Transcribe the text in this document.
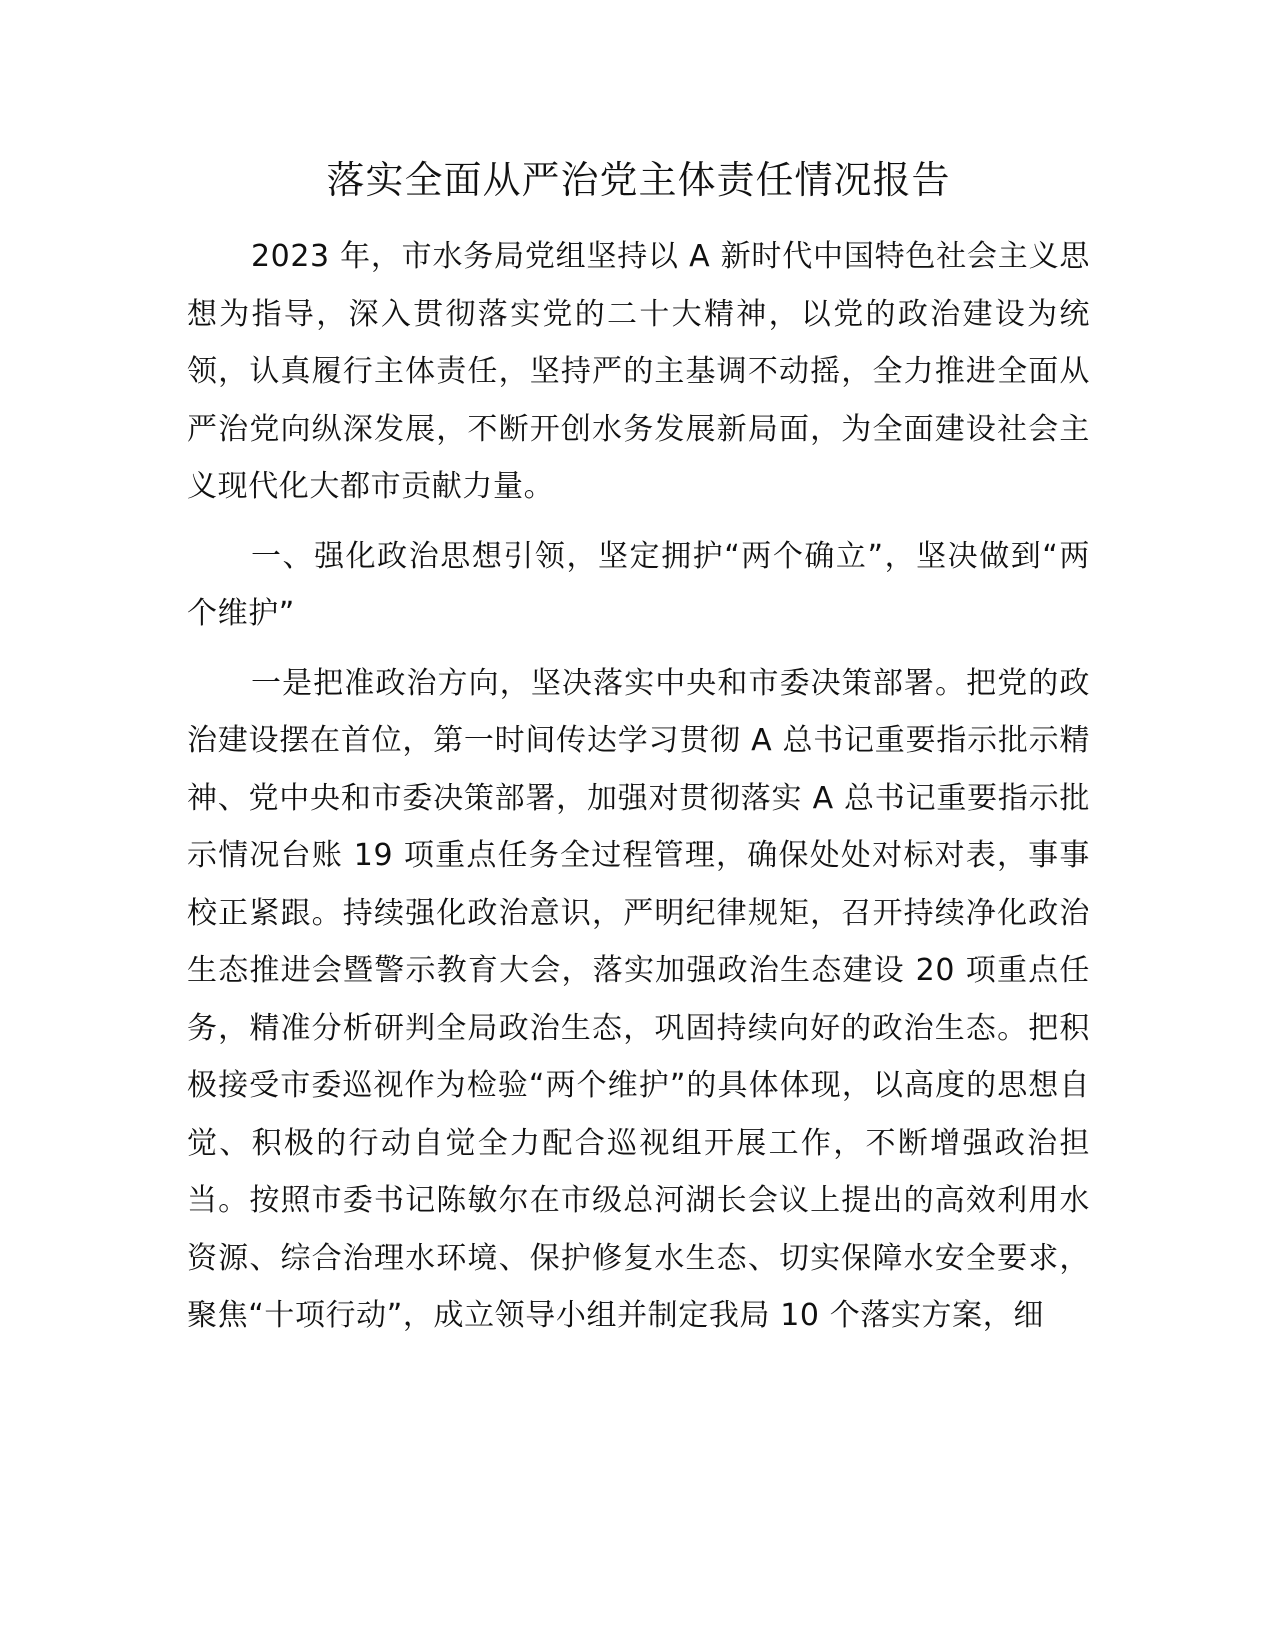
落实全面从严治党主体责任情况报告

2023 年，市水务局党组坚持以 A 新时代中国特色社会主义思想为指导，深入贯彻落实党的二十大精神，以党的政治建设为统领，认真履行主体责任，坚持严的主基调不动摇，全力推进全面从严治党向纵深发展，不断开创水务发展新局面，为全面建设社会主义现代化大都市贡献力量。

一、强化政治思想引领，坚定拥护“两个确立”，坚决做到“两个维护”

一是把准政治方向，坚决落实中央和市委决策部署。把党的政治建设摆在首位，第一时间传达学习贯彻 A 总书记重要指示批示精神、党中央和市委决策部署，加强对贯彻落实 A 总书记重要指示批示情况台账 19 项重点任务全过程管理，确保处处对标对表，事事校正紧跟。持续强化政治意识，严明纪律规矩，召开持续净化政治生态推进会暨警示教育大会，落实加强政治生态建设 20 项重点任务，精准分析研判全局政治生态，巩固持续向好的政治生态。把积极接受市委巡视作为检验“两个维护”的具体体现，以高度的思想自觉、积极的行动自觉全力配合巡视组开展工作，不断增强政治担当。按照市委书记陈敏尔在市级总河湖长会议上提出的高效利用水资源、综合治理水环境、保护修复水生态、切实保障水安全要求，聚焦“十项行动”，成立领导小组并制定我局 10 个落实方案，细
